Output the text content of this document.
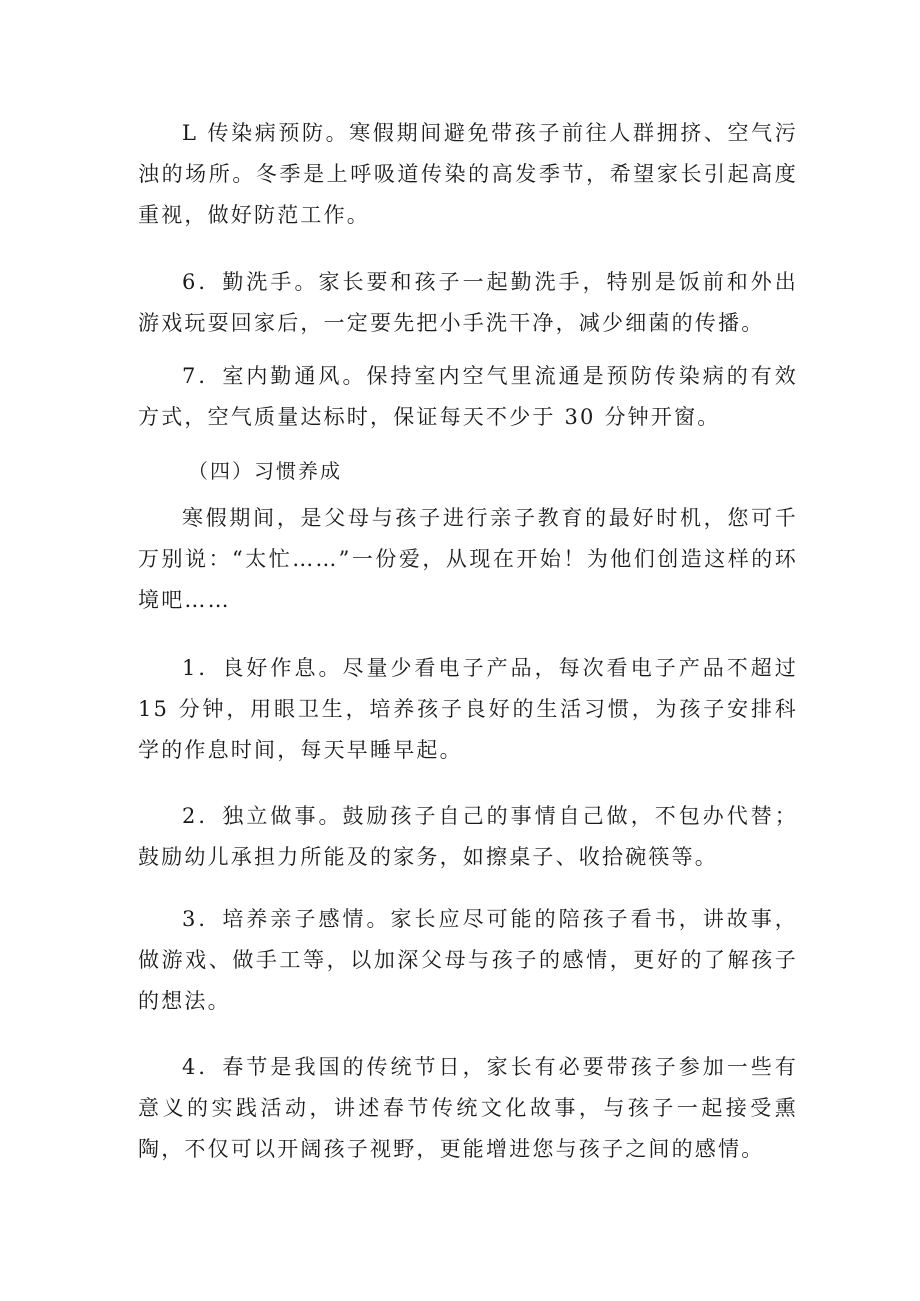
L 传染病预防。寒假期间避免带孩子前往人群拥挤、空气污浊的场所。冬季是上呼吸道传染的高发季节，希望家长引起高度重视，做好防范工作。

6．勤洗手。家长要和孩子一起勤洗手，特别是饭前和外出游戏玩耍回家后，一定要先把小手洗干净，减少细菌的传播。

7．室内勤通风。保持室内空气里流通是预防传染病的有效方式，空气质量达标时，保证每天不少于 30 分钟开窗。

（四）习惯养成

寒假期间，是父母与孩子进行亲子教育的最好时机，您可千万别说：“太忙……”一份爱，从现在开始！为他们创造这样的环境吧……

1．良好作息。尽量少看电子产品，每次看电子产品不超过 15 分钟，用眼卫生，培养孩子良好的生活习惯，为孩子安排科学的作息时间，每天早睡早起。

2．独立做事。鼓励孩子自己的事情自己做，不包办代替；鼓励幼儿承担力所能及的家务，如擦桌子、收拾碗筷等。

3．培养亲子感情。家长应尽可能的陪孩子看书，讲故事，做游戏、做手工等，以加深父母与孩子的感情，更好的了解孩子的想法。

4．春节是我国的传统节日，家长有必要带孩子参加一些有意义的实践活动，讲述春节传统文化故事，与孩子一起接受熏陶，不仅可以开阔孩子视野，更能增进您与孩子之间的感情。
